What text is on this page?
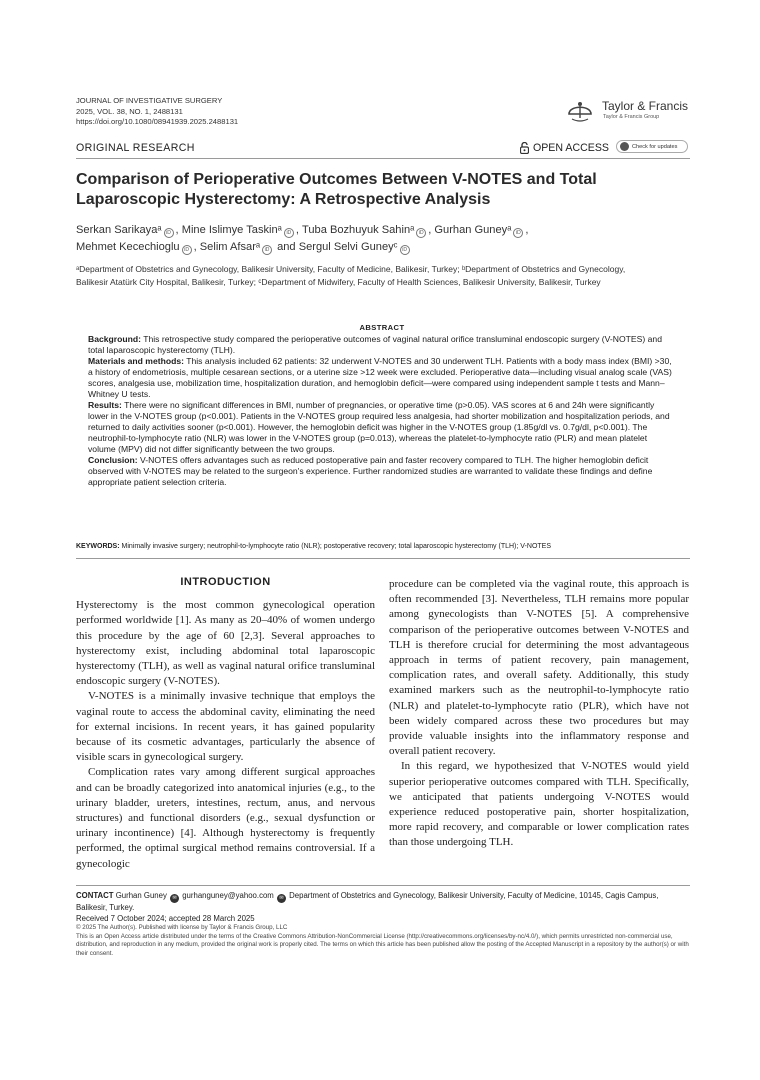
JOURNAL OF INVESTIGATIVE SURGERY
2025, VOL. 38, NO. 1, 2488131
https://doi.org/10.1080/08941939.2025.2488131
Taylor & Francis
Taylor & Francis Group
ORIGINAL RESEARCH	OPEN ACCESS	Check for updates
Comparison of Perioperative Outcomes Between V-NOTES and Total Laparoscopic Hysterectomy: A Retrospective Analysis
Serkan Sarikayaᵃ iD , Mine Islimye Taskinᵃ iD , Tuba Bozhuyuk Sahinᵃ iD , Gurhan Guneyᵃ iD ,
Mehmet Kecechioglu iD , Selim Afsarᵃ iD and Sergul Selvi Guneyᶜ iD
ᵃDepartment of Obstetrics and Gynecology, Balikesir University, Faculty of Medicine, Balikesir, Turkey; ᵇDepartment of Obstetrics and Gynecology, Balikesir Atatürk City Hospital, Balikesir, Turkey; ᶜDepartment of Midwifery, Faculty of Health Sciences, Balikesir University, Balikesir, Turkey
ABSTRACT

Background: This retrospective study compared the perioperative outcomes of vaginal natural orifice transluminal endoscopic surgery (V-NOTES) and total laparoscopic hysterectomy (TLH).

Materials and methods: This analysis included 62 patients: 32 underwent V-NOTES and 30 underwent TLH. Patients with a body mass index (BMI) >30, a history of endometriosis, multiple cesarean sections, or a uterine size >12 week were excluded. Perioperative data—including visual analog scale (VAS) scores, analgesia use, mobilization time, hospitalization duration, and hemoglobin deficit—were compared using independent sample t tests and Mann–Whitney U tests.

Results: There were no significant differences in BMI, number of pregnancies, or operative time (p>0.05). VAS scores at 6 and 24h were significantly lower in the V-NOTES group (p<0.001). Patients in the V-NOTES group required less analgesia, had shorter mobilization and hospitalization periods, and returned to daily activities sooner (p<0.001). However, the hemoglobin deficit was higher in the V-NOTES group (1.85g/dl vs. 0.7g/dl, p<0.001). The neutrophil-to-lymphocyte ratio (NLR) was lower in the V-NOTES group (p=0.013), whereas the platelet-to-lymphocyte ratio (PLR) and mean platelet volume (MPV) did not differ significantly between the two groups.

Conclusion: V-NOTES offers advantages such as reduced postoperative pain and faster recovery compared to TLH. The higher hemoglobin deficit observed with V-NOTES may be related to the surgeon's experience. Further randomized studies are warranted to validate these findings and define appropriate patient selection criteria.

KEYWORDS: Minimally invasive surgery; neutrophil-to-lymphocyte ratio (NLR); postoperative recovery; total laparoscopic hysterectomy (TLH); V-NOTES
INTRODUCTION

Hysterectomy is the most common gynecological operation performed worldwide [1]. As many as 20–40% of women undergo this procedure by the age of 60 [2,3]. Several approaches to hysterectomy exist, including abdominal total laparoscopic hysterectomy (TLH), as well as vaginal natural orifice transluminal endoscopic surgery (V-NOTES).

V-NOTES is a minimally invasive technique that employs the vaginal route to access the abdominal cavity, eliminating the need for external incisions. In recent years, it has gained popularity because of its cosmetic advantages, particularly the absence of visible scars in gynecological surgery.

Complication rates vary among different surgical approaches and can be broadly categorized into anatomical injuries (e.g., to the urinary bladder, ureters, intestines, rectum, anus, and nervous structures) and functional disorders (e.g., sexual dysfunction or urinary incontinence) [4]. Although hysterectomy is frequently performed, the optimal surgical method remains controversial. If a gynecologic

procedure can be completed via the vaginal route, this approach is often recommended [3]. Nevertheless, TLH remains more popular among gynecologists than V-NOTES [5]. A comprehensive comparison of the perioperative outcomes between V-NOTES and TLH is therefore crucial for determining the most advantageous approach in terms of patient recovery, pain management, complication rates, and overall safety. Additionally, this study examined markers such as the neutrophil-to-lymphocyte ratio (NLR) and platelet-to-lymphocyte ratio (PLR), which have not been widely compared across these two procedures but may provide valuable insights into the inflammatory response and overall patient recovery.

In this regard, we hypothesized that V-NOTES would yield superior perioperative outcomes compared with TLH. Specifically, we anticipated that patients undergoing V-NOTES would experience reduced postoperative pain, shorter hospitalization, more rapid recovery, and comparable or lower complication rates than those undergoing TLH.

CONTACT Gurhan Guney ✉ gurhanguney@yahoo.com ✉ Department of Obstetrics and Gynecology, Balikesir University, Faculty of Medicine, 10145, Cagis Campus, Balikesir, Turkey.
Received 7 October 2024; accepted 28 March 2025
© 2025 The Author(s). Published with license by Taylor & Francis Group, LLC
This is an Open Access article distributed under the terms of the Creative Commons Attribution-NonCommercial License (http://creativecommons.org/licenses/by-nc/4.0/), which permits unrestricted non-commercial use, distribution, and reproduction in any medium, provided the original work is properly cited. The terms on which this article has been published allow the posting of the Accepted Manuscript in a repository by the author(s) or with their consent.
